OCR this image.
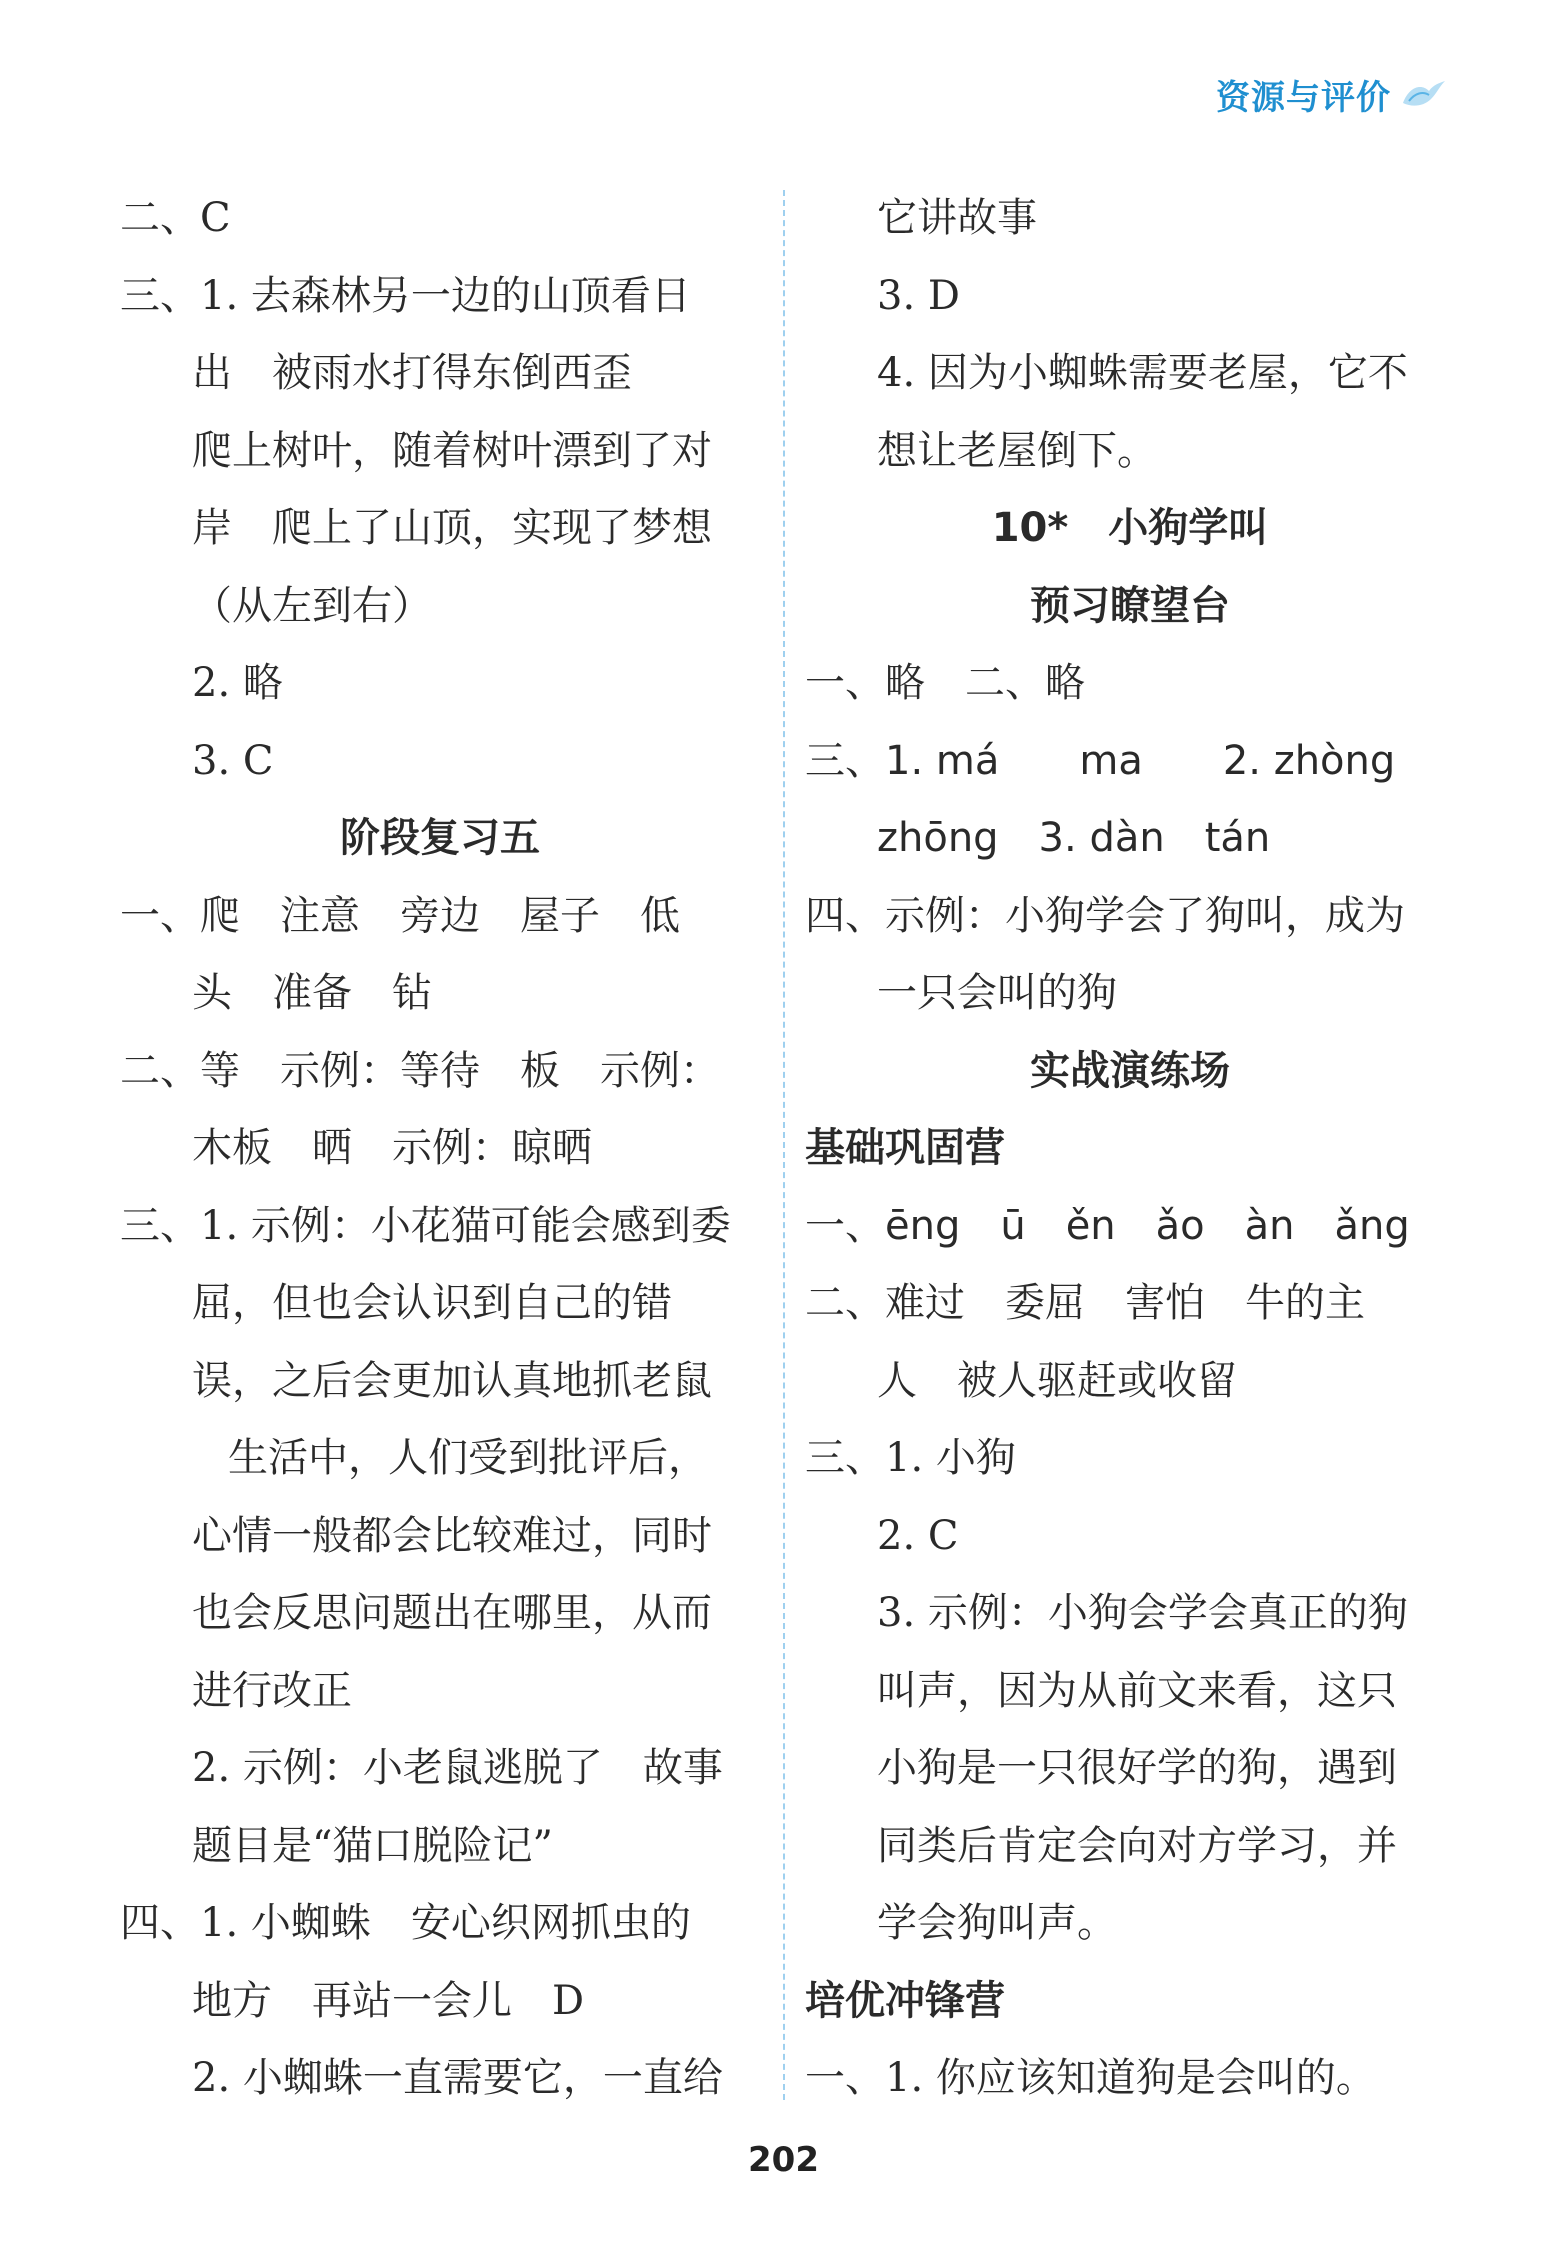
资源与评价
二、C
三、1. 去森林另一边的山顶看日
出　被雨水打得东倒西歪
爬上树叶，随着树叶漂到了对
岸　爬上了山顶，实现了梦想
（从左到右）
2. 略
3. C
阶段复习五
一、爬　注意　旁边　屋子　低
头　准备　钻
二、等　示例：等待　板　示例：
木板　晒　示例：晾晒
三、1. 示例：小花猫可能会感到委
屈，但也会认识到自己的错
误，之后会更加认真地抓老鼠
生活中，人们受到批评后，
心情一般都会比较难过，同时
也会反思问题出在哪里，从而
进行改正
2. 示例：小老鼠逃脱了　故事
题目是“猫口脱险记”
四、1. 小蜘蛛　安心织网抓虫的
地方　再站一会儿　D
2. 小蜘蛛一直需要它，一直给
它讲故事
3. D
4. 因为小蜘蛛需要老屋，它不
想让老屋倒下。
10*　小狗学叫
预习瞭望台
一、略　二、略
三、1. má　　ma　　2. zhòng
zhōng　3. dàn　tán
四、示例：小狗学会了狗叫，成为
一只会叫的狗
实战演练场
基础巩固营
一、ēng　ū　ěn　ǎo　àn　ǎng
二、难过　委屈　害怕　牛的主
人　被人驱赶或收留
三、1. 小狗
2. C
3. 示例：小狗会学会真正的狗
叫声，因为从前文来看，这只
小狗是一只很好学的狗，遇到
同类后肯定会向对方学习，并
学会狗叫声。
培优冲锋营
一、1. 你应该知道狗是会叫的。
202
